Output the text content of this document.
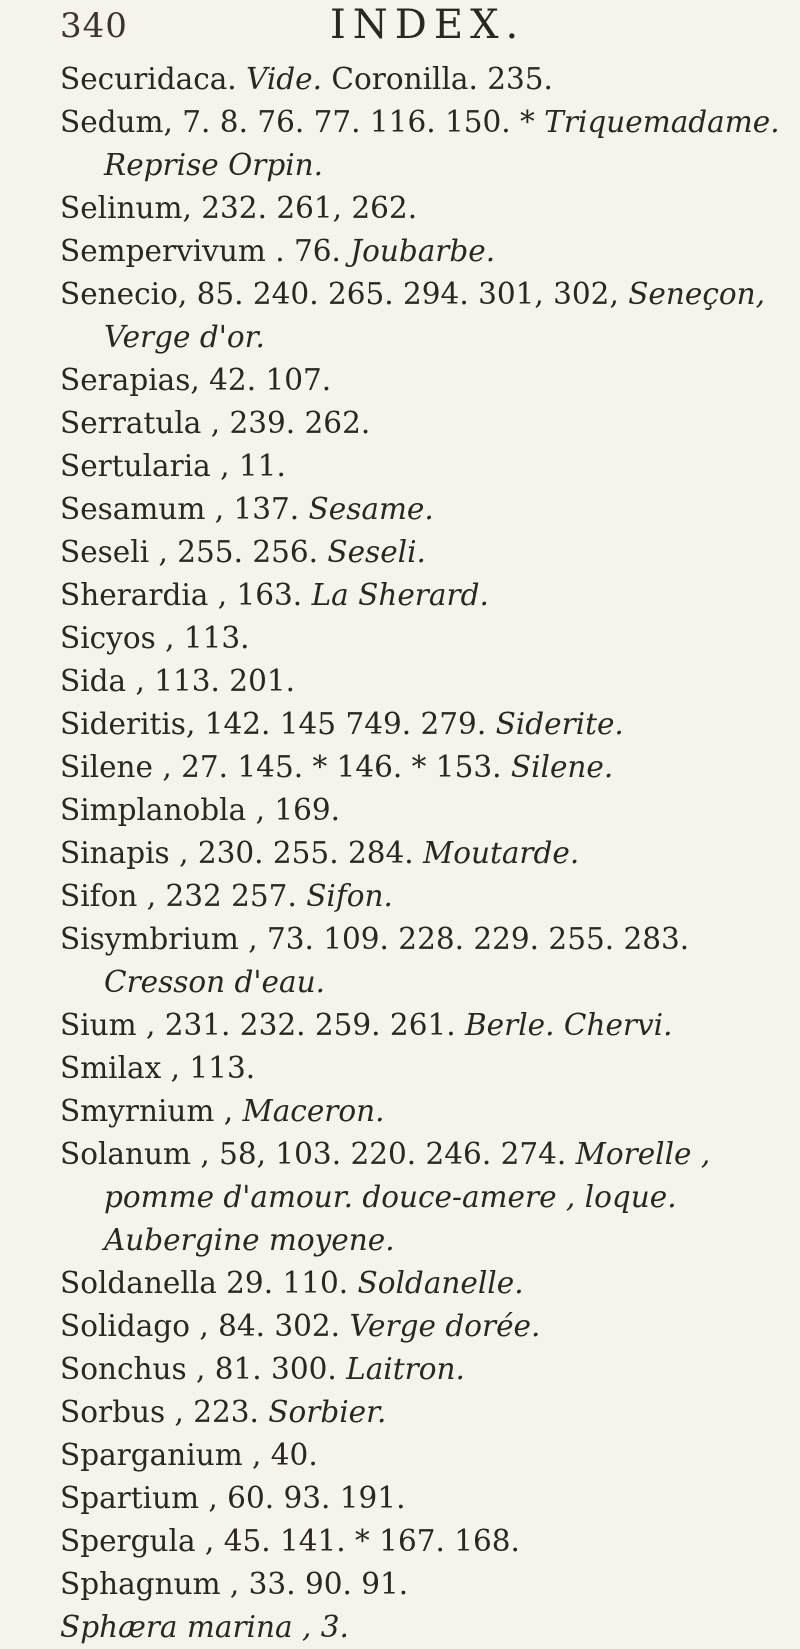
340	INDEX.
Securidaca. Vide. Coronilla. 235.
Sedum, 7. 8. 76. 77. 116. 150. * Triquemadame. Reprise Orpin.
Selinum, 232. 261, 262.
Sempervivum . 76. Joubarbe.
Senecio, 85. 240. 265. 294. 301, 302, Seneçon, Verge d'or.
Serapias, 42. 107.
Serratula , 239. 262.
Sertularia , 11.
Sesamum , 137. Sesame.
Seseli , 255. 256. Seseli.
Sherardia , 163. La Sherard.
Sicyos , 113.
Sida , 113. 201.
Sideritis, 142. 145 749. 279. Siderite.
Silene , 27. 145. * 146. * 153. Silene.
Simplanobla , 169.
Sinapis , 230. 255. 284. Moutarde.
Sifon , 232 257. Sifon.
Sisymbrium , 73. 109. 228. 229. 255. 283. Cresson d'eau.
Sium , 231. 232. 259. 261. Berle. Chervi.
Smilax , 113.
Smyrnium , Maceron.
Solanum , 58, 103. 220. 246. 274. Morelle , pomme d'amour. douce-amere , loque. Aubergine moyene.
Soldanella 29. 110. Soldanelle.
Solidago , 84. 302. Verge dorée.
Sonchus , 81. 300. Laitron.
Sorbus , 223. Sorbier.
Sparganium , 40.
Spartium , 60. 93. 191.
Spergula , 45. 141. * 167. 168.
Sphagnum , 33. 90. 91.
Sphæra marina , 3.
